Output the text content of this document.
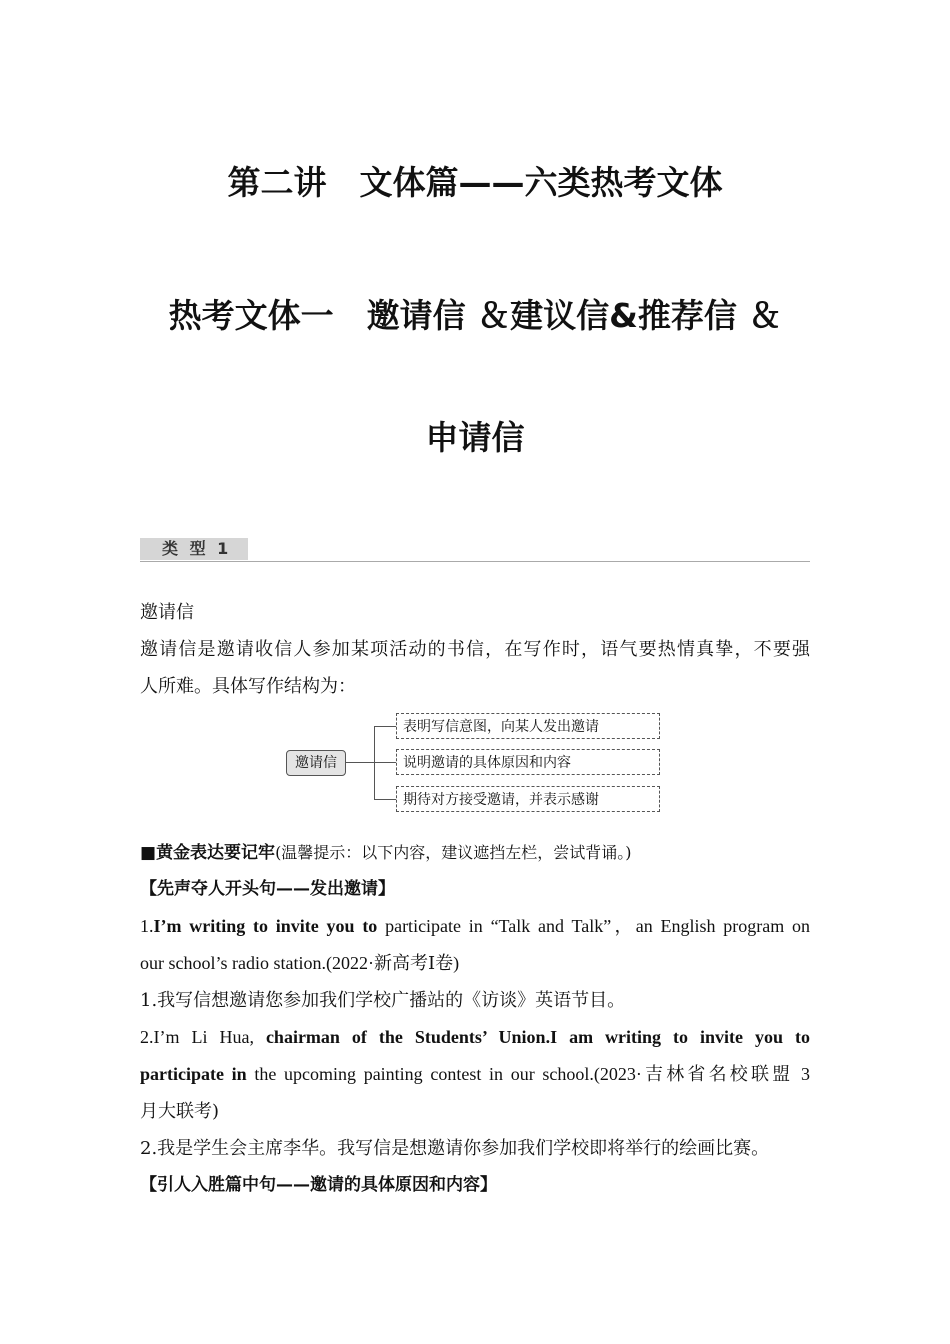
第二讲　文体篇——六类热考文体
热考文体一　邀请信 ＆建议信&推荐信 ＆
申请信
类 型 1
邀请信
邀请信是邀请收信人参加某项活动的书信，在写作时，语气要热情真挚，不要强
人所难。具体写作结构为：
邀请信
表明写信意图，向某人发出邀请
说明邀请的具体原因和内容
期待对方接受邀请，并表示感谢
■黄金表达要记牢(温馨提示：以下内容，建议遮挡左栏，尝试背诵。)
【先声夺人开头句——发出邀请】
1.I’m writing to invite you to participate in “Talk and Talk”，an English program on
our school’s radio station.(2022·新高考Ⅰ卷)
1.我写信想邀请您参加我们学校广播站的《访谈》英语节目。
2.I’m Li Hua, chairman of the Students’ Union.I am writing to invite you to
participate in the upcoming painting contest in our school.(2023·吉林省名校联盟 3
月大联考)
2.我是学生会主席李华。我写信是想邀请你参加我们学校即将举行的绘画比赛。
【引人入胜篇中句——邀请的具体原因和内容】
